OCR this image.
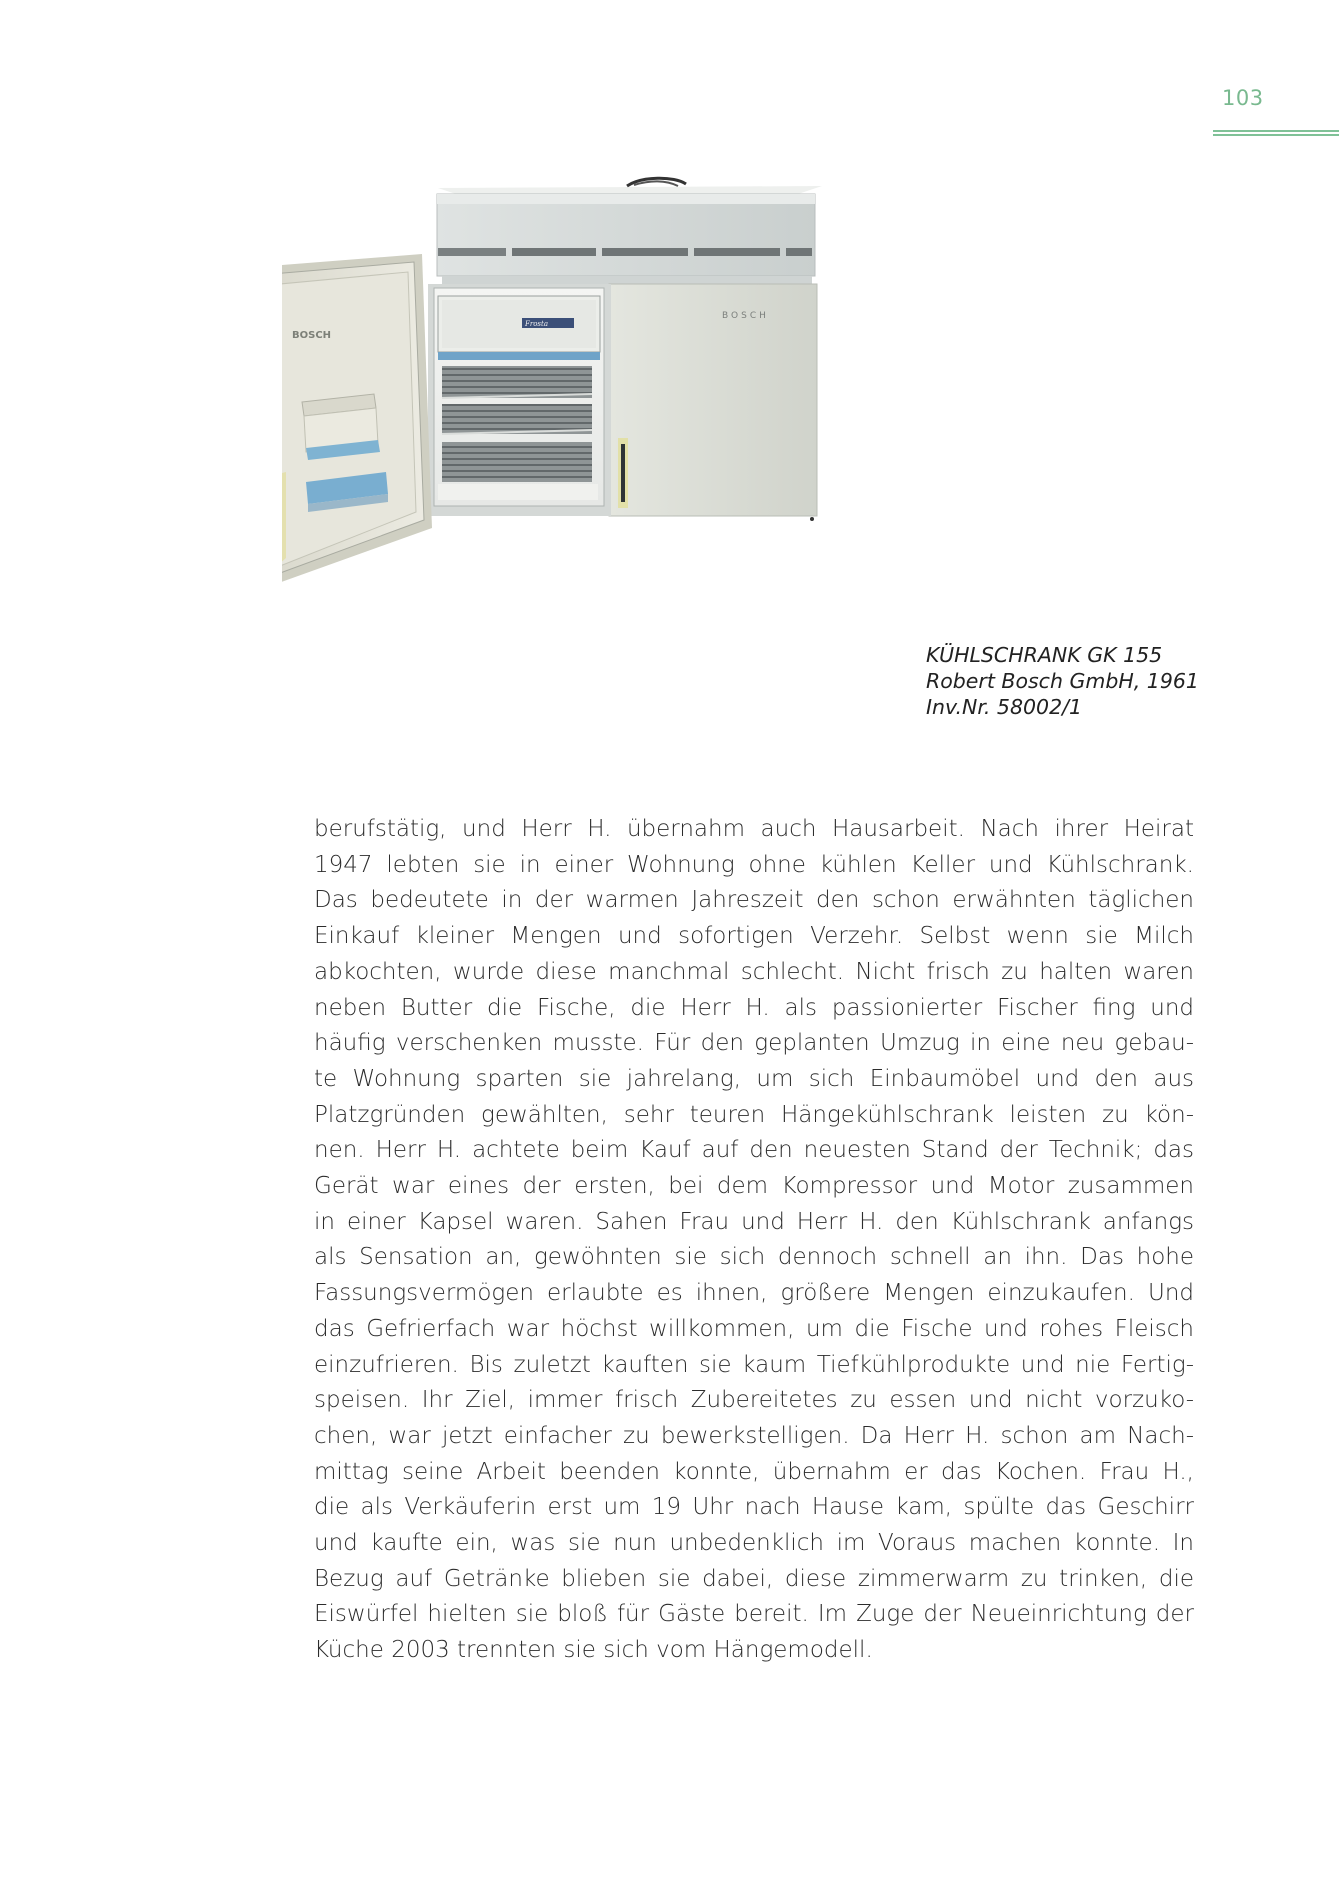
103
BOSCH
Frosta
BOSCH
KÜHLSCHRANK GK 155
Robert Bosch GmbH, 1961
Inv.Nr. 58002/1
berufstätig, und Herr H. übernahm auch Hausarbeit. Nach ihrer Heirat
1947 lebten sie in einer Wohnung ohne kühlen Keller und Kühlschrank.
Das bedeutete in der warmen Jahreszeit den schon erwähnten täglichen
Einkauf kleiner Mengen und sofortigen Verzehr. Selbst wenn sie Milch
abkochten, wurde diese manchmal schlecht. Nicht frisch zu halten waren
neben Butter die Fische, die Herr H. als passionierter Fischer fing und
häufig verschenken musste. Für den geplanten Umzug in eine neu gebau-
te Wohnung sparten sie jahrelang, um sich Einbaumöbel und den aus
Platzgründen gewählten, sehr teuren Hängekühlschrank leisten zu kön-
nen. Herr H. achtete beim Kauf auf den neuesten Stand der Technik; das
Gerät war eines der ersten, bei dem Kompressor und Motor zusammen
in einer Kapsel waren. Sahen Frau und Herr H. den Kühlschrank anfangs
als Sensation an, gewöhnten sie sich dennoch schnell an ihn. Das hohe
Fassungsvermögen erlaubte es ihnen, größere Mengen einzukaufen. Und
das Gefrierfach war höchst willkommen, um die Fische und rohes Fleisch
einzufrieren. Bis zuletzt kauften sie kaum Tiefkühlprodukte und nie Fertig-
speisen. Ihr Ziel, immer frisch Zubereitetes zu essen und nicht vorzuko-
chen, war jetzt einfacher zu bewerkstelligen. Da Herr H. schon am Nach-
mittag seine Arbeit beenden konnte, übernahm er das Kochen. Frau H.,
die als Verkäuferin erst um 19 Uhr nach Hause kam, spülte das Geschirr
und kaufte ein, was sie nun unbedenklich im Voraus machen konnte. In
Bezug auf Getränke blieben sie dabei, diese zimmerwarm zu trinken, die
Eiswürfel hielten sie bloß für Gäste bereit. Im Zuge der Neueinrichtung der
Küche 2003 trennten sie sich vom Hängemodell.
